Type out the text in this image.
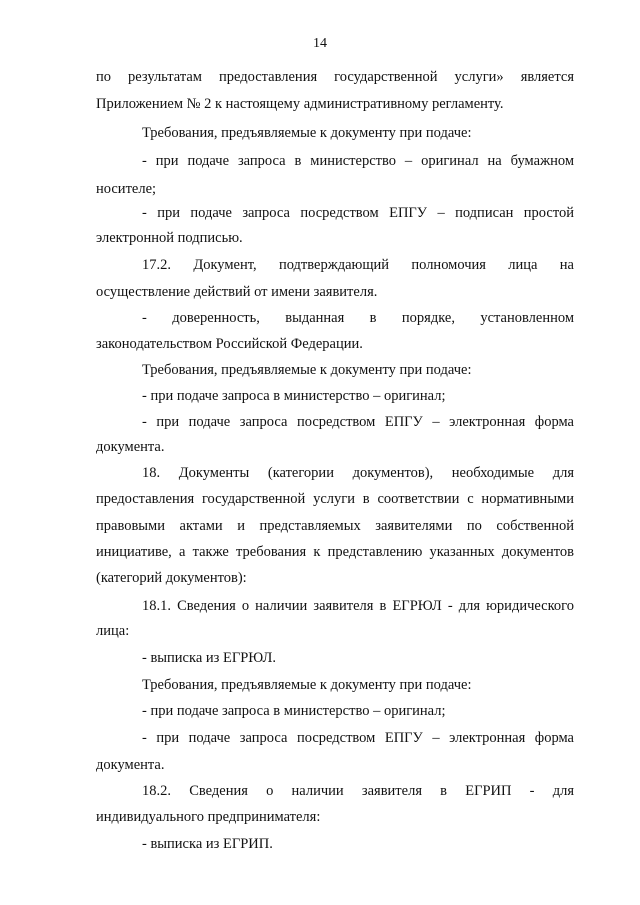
14
по результатам предоставления государственной услуги» является
Приложением № 2 к настоящему административному регламенту.
Требования, предъявляемые к документу при подаче:
- при подаче запроса в министерство – оригинал на бумажном
носителе;
- при подаче запроса посредством ЕПГУ – подписан простой
электронной подписью.
17.2. Документ, подтверждающий полномочия лица на
осуществление действий от имени заявителя.
- доверенность, выданная в порядке, установленном
законодательством Российской Федерации.
Требования, предъявляемые к документу при подаче:
- при подаче запроса в министерство – оригинал;
- при подаче запроса посредством ЕПГУ – электронная форма
документа.
18. Документы (категории документов), необходимые для
предоставления государственной услуги в соответствии с нормативными
правовыми актами и представляемых заявителями по собственной
инициативе, а также требования к представлению указанных документов
(категорий документов):
18.1. Сведения о наличии заявителя в ЕГРЮЛ - для юридического
лица:
- выписка из ЕГРЮЛ.
Требования, предъявляемые к документу при подаче:
- при подаче запроса в министерство – оригинал;
- при подаче запроса посредством ЕПГУ – электронная форма
документа.
18.2. Сведения о наличии заявителя в ЕГРИП - для
индивидуального предпринимателя:
- выписка из ЕГРИП.
